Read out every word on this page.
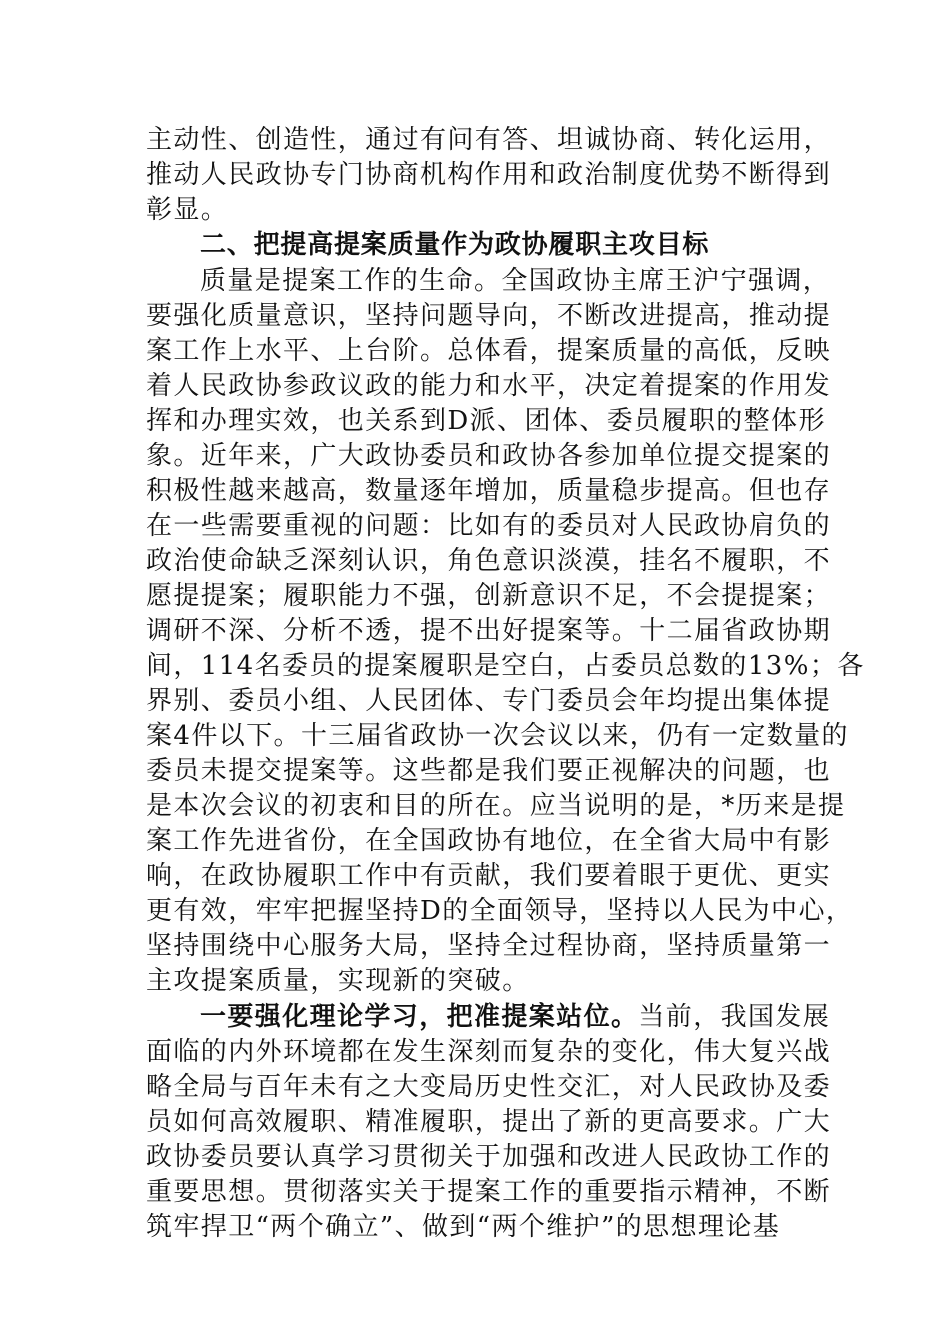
主动性、创造性，通过有问有答、坦诚协商、转化运用，
推动人民政协专门协商机构作用和政治制度优势不断得到
彰显。
二、把提高提案质量作为政协履职主攻目标
质量是提案工作的生命。全国政协主席王沪宁强调，
要强化质量意识，坚持问题导向，不断改进提高，推动提
案工作上水平、上台阶。总体看，提案质量的高低，反映
着人民政协参政议政的能力和水平，决定着提案的作用发
挥和办理实效，也关系到D派、团体、委员履职的整体形
象。近年来，广大政协委员和政协各参加单位提交提案的
积极性越来越高，数量逐年增加，质量稳步提高。但也存
在一些需要重视的问题：比如有的委员对人民政协肩负的
政治使命缺乏深刻认识，角色意识淡漠，挂名不履职，不
愿提提案；履职能力不强，创新意识不足，不会提提案；
调研不深、分析不透，提不出好提案等。十二届省政协期
间，114名委员的提案履职是空白，占委员总数的13%；各
界别、委员小组、人民团体、专门委员会年均提出集体提
案4件以下。十三届省政协一次会议以来，仍有一定数量的
委员未提交提案等。这些都是我们要正视解决的问题，也
是本次会议的初衷和目的所在。应当说明的是，*历来是提
案工作先进省份，在全国政协有地位，在全省大局中有影
响，在政协履职工作中有贡献，我们要着眼于更优、更实
更有效，牢牢把握坚持D的全面领导，坚持以人民为中心，
坚持围绕中心服务大局，坚持全过程协商，坚持质量第一
主攻提案质量，实现新的突破。
一要强化理论学习，把准提案站位。当前，我国发展
面临的内外环境都在发生深刻而复杂的变化，伟大复兴战
略全局与百年未有之大变局历史性交汇，对人民政协及委
员如何高效履职、精准履职，提出了新的更高要求。广大
政协委员要认真学习贯彻关于加强和改进人民政协工作的
重要思想。贯彻落实关于提案工作的重要指示精神，不断
筑牢捍卫“两个确立”、做到“两个维护”的思想理论基
